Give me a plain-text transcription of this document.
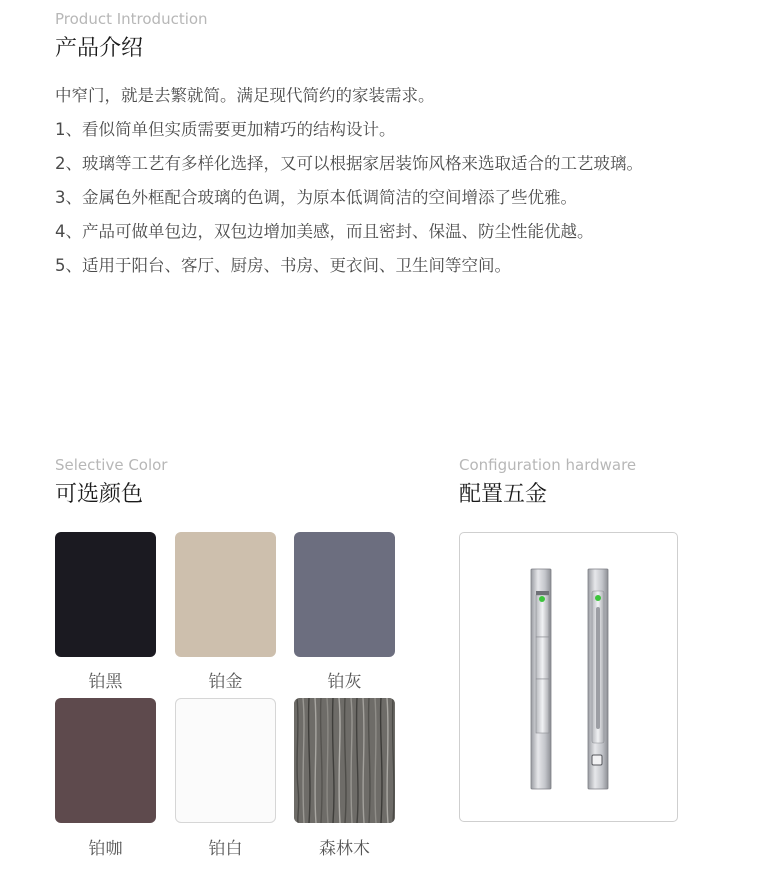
Product Introduction
产品介绍
中窄门，就是去繁就简。满足现代简约的家装需求。
1、看似简单但实质需要更加精巧的结构设计。
2、玻璃等工艺有多样化选择，又可以根据家居装饰风格来选取适合的工艺玻璃。
3、金属色外框配合玻璃的色调，为原本低调简洁的空间增添了些优雅。
4、产品可做单包边，双包边增加美感，而且密封、保温、防尘性能优越。
5、适用于阳台、客厅、厨房、书房、更衣间、卫生间等空间。
Selective Color
可选颜色
铂黑	铂金	铂灰
铂咖	铂白	森林木
Configuration hardware
配置五金
